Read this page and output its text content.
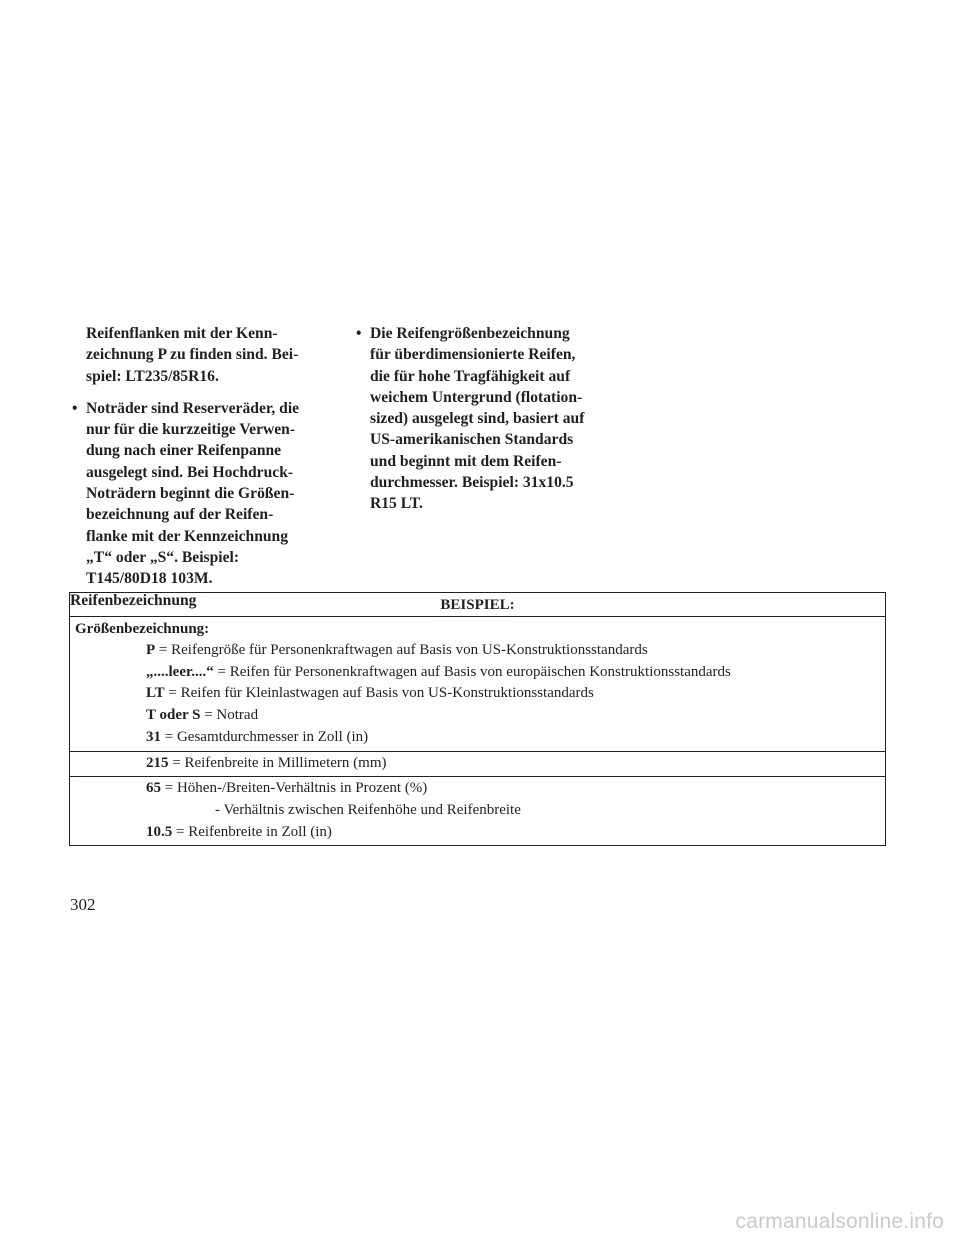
Reifenflanken mit der Kenn-
zeichnung P zu finden sind. Bei-
spiel: LT235/85R16.
• Noträder sind Reserveräder, die
nur für die kurzzeitige Verwen-
dung nach einer Reifenpanne
ausgelegt sind. Bei Hochdruck-
Noträdern beginnt die Größen-
bezeichnung auf der Reifen-
flanke mit der Kennzeichnung
„T“ oder „S“. Beispiel:
T145/80D18 103M.
Reifenbezeichnung
• Die Reifengrößenbezeichnung
für überdimensionierte Reifen,
die für hohe Tragfähigkeit auf
weichem Untergrund (flotation-
sized) ausgelegt sind, basiert auf
US-amerikanischen Standards
und beginnt mit dem Reifen-
durchmesser. Beispiel: 31x10.5
R15 LT.
BEISPIEL:
Größenbezeichnung:
P = Reifengröße für Personenkraftwagen auf Basis von US-Konstruktionsstandards
„....leer....“ = Reifen für Personenkraftwagen auf Basis von europäischen Konstruktionsstandards
LT = Reifen für Kleinlastwagen auf Basis von US-Konstruktionsstandards
T oder S = Notrad
31 = Gesamtdurchmesser in Zoll (in)
215 = Reifenbreite in Millimetern (mm)
65 = Höhen-/Breiten-Verhältnis in Prozent (%)
- Verhältnis zwischen Reifenhöhe und Reifenbreite
10.5 = Reifenbreite in Zoll (in)
302
carmanualsonline.info
